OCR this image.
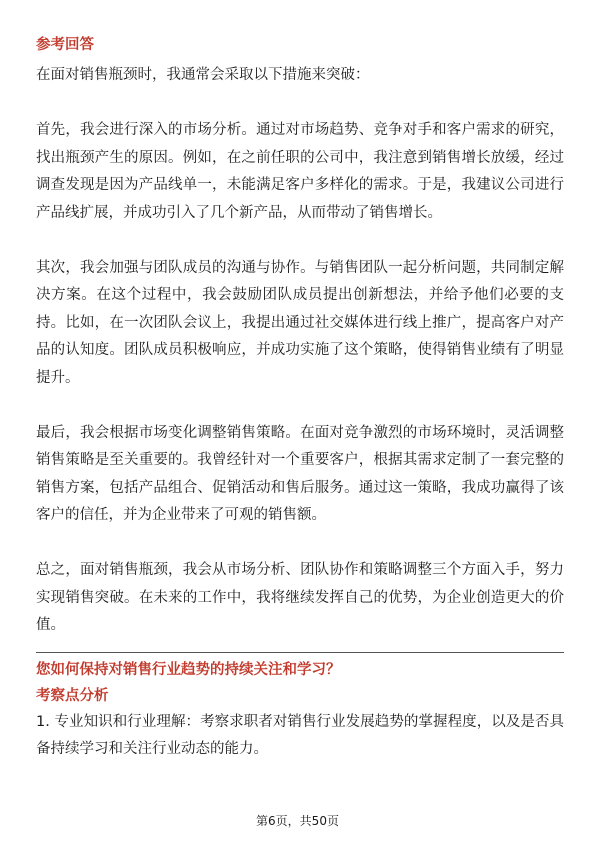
参考回答

在面对销售瓶颈时，我通常会采取以下措施来突破：

首先，我会进行深入的市场分析。通过对市场趋势、竞争对手和客户需求的研究，找出瓶颈产生的原因。例如，在之前任职的公司中，我注意到销售增长放缓，经过调查发现是因为产品线单一，未能满足客户多样化的需求。于是，我建议公司进行产品线扩展，并成功引入了几个新产品，从而带动了销售增长。

其次，我会加强与团队成员的沟通与协作。与销售团队一起分析问题，共同制定解决方案。在这个过程中，我会鼓励团队成员提出创新想法，并给予他们必要的支持。比如，在一次团队会议上，我提出通过社交媒体进行线上推广，提高客户对产品的认知度。团队成员积极响应，并成功实施了这个策略，使得销售业绩有了明显提升。

最后，我会根据市场变化调整销售策略。在面对竞争激烈的市场环境时，灵活调整销售策略是至关重要的。我曾经针对一个重要客户，根据其需求定制了一套完整的销售方案，包括产品组合、促销活动和售后服务。通过这一策略，我成功赢得了该客户的信任，并为企业带来了可观的销售额。

总之，面对销售瓶颈，我会从市场分析、团队协作和策略调整三个方面入手，努力实现销售突破。在未来的工作中，我将继续发挥自己的优势，为企业创造更大的价值。

您如何保持对销售行业趋势的持续关注和学习？
考察点分析

1. 专业知识和行业理解：考察求职者对销售行业发展趋势的掌握程度，以及是否具备持续学习和关注行业动态的能力。

第6页，共50页
